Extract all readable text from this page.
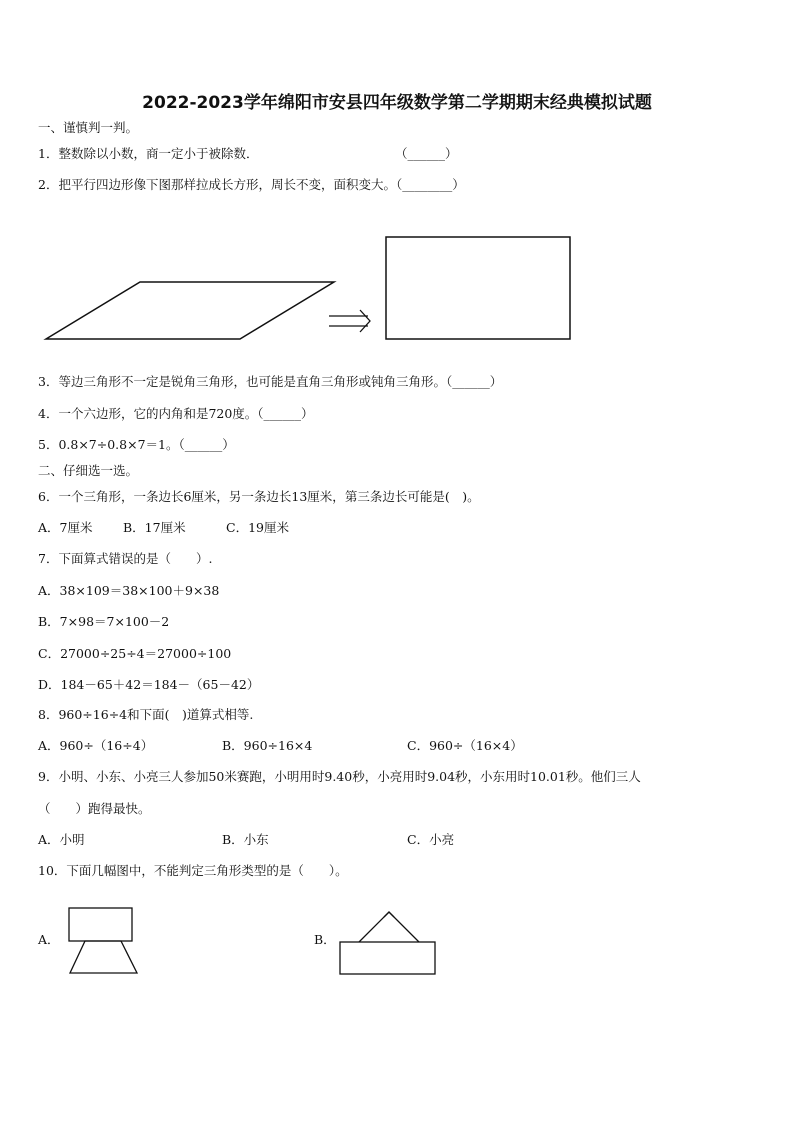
2022-2023学年绵阳市安县四年级数学第二学期期末经典模拟试题
一、谨慎判一判。
1．整数除以小数，商一定小于被除数．	（______）
2．把平行四边形像下图那样拉成长方形，周长不变，面积变大。（________）
3．等边三角形不一定是锐角三角形，也可能是直角三角形或钝角三角形。（______）
4．一个六边形，它的内角和是720度。（______）
5．0.8×7÷0.8×7＝1。（______）
二、仔细选一选。
6．一个三角形，一条边长6厘米，另一条边长13厘米，第三条边长可能是(　)。
A．7厘米 B．17厘米	C．19厘米
7．下面算式错误的是（　　）.
A．38×109＝38×100＋9×38
B．7×98＝7×100－2
C．27000÷25÷4＝27000÷100
D．184－65＋42＝184－（65－42）
8．960÷16÷4和下面(　)道算式相等.
A．960÷（16÷4）	B．960÷16×4	C．960÷（16×4）
9．小明、小东、小亮三人参加50米赛跑，小明用时9.40秒，小亮用时9.04秒，小东用时10.01秒。他们三人
（　　）跑得最快。
A．小明	B．小东	C．小亮
10．下面几幅图中，不能判定三角形类型的是（　　）。
A．	B．
